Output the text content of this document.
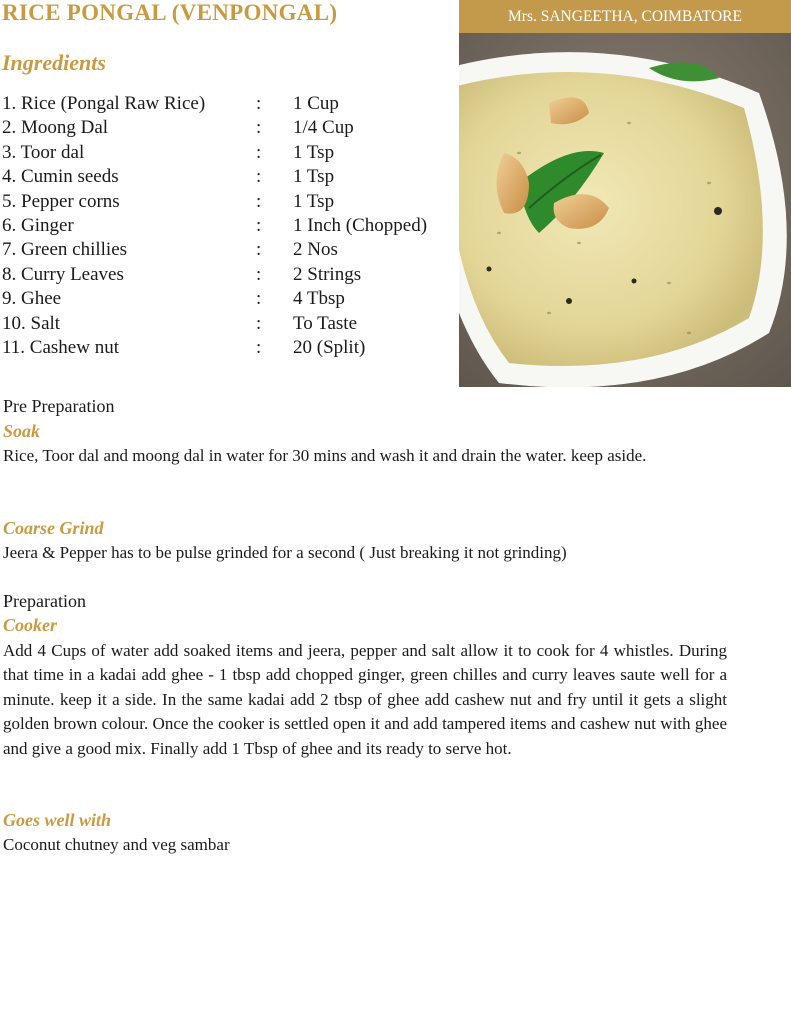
RICE PONGAL (VENPONGAL)	Mrs. SANGEETHA, COIMBATORE
Ingredients
1. Rice (Pongal Raw Rice)	: 1 Cup
2. Moong Dal	: 1/4 Cup
3. Toor dal	: 1 Tsp
4. Cumin seeds	: 1 Tsp
5. Pepper corns	: 1 Tsp
6. Ginger	: 1 Inch (Chopped)
7. Green chillies	: 2 Nos
8. Curry Leaves	: 2 Strings
9. Ghee	: 4 Tbsp
10. Salt	: To Taste
11. Cashew nut	: 20 (Split)
Pre Preparation
Soak

Rice, Toor dal and moong dal in water for 30 mins and wash it and drain the water. keep aside.

Coarse Grind

Jeera & Pepper has to be pulse grinded for a second ( Just breaking it not grinding)

Preparation
Cooker

Add 4 Cups of water add soaked items and jeera, pepper and salt allow it to cook for 4 whistles. During that time in a kadai add ghee - 1 tbsp add chopped ginger, green chilles and curry leaves saute well for a minute. keep it a side. In the same kadai add 2 tbsp of ghee add cashew nut and fry until it gets a slight golden brown colour. Once the cooker is settled open it and add tampered items and cashew nut with ghee and give a good mix. Finally add 1 Tbsp of ghee and its ready to serve hot.

Goes well with

Coconut chutney and veg sambar
